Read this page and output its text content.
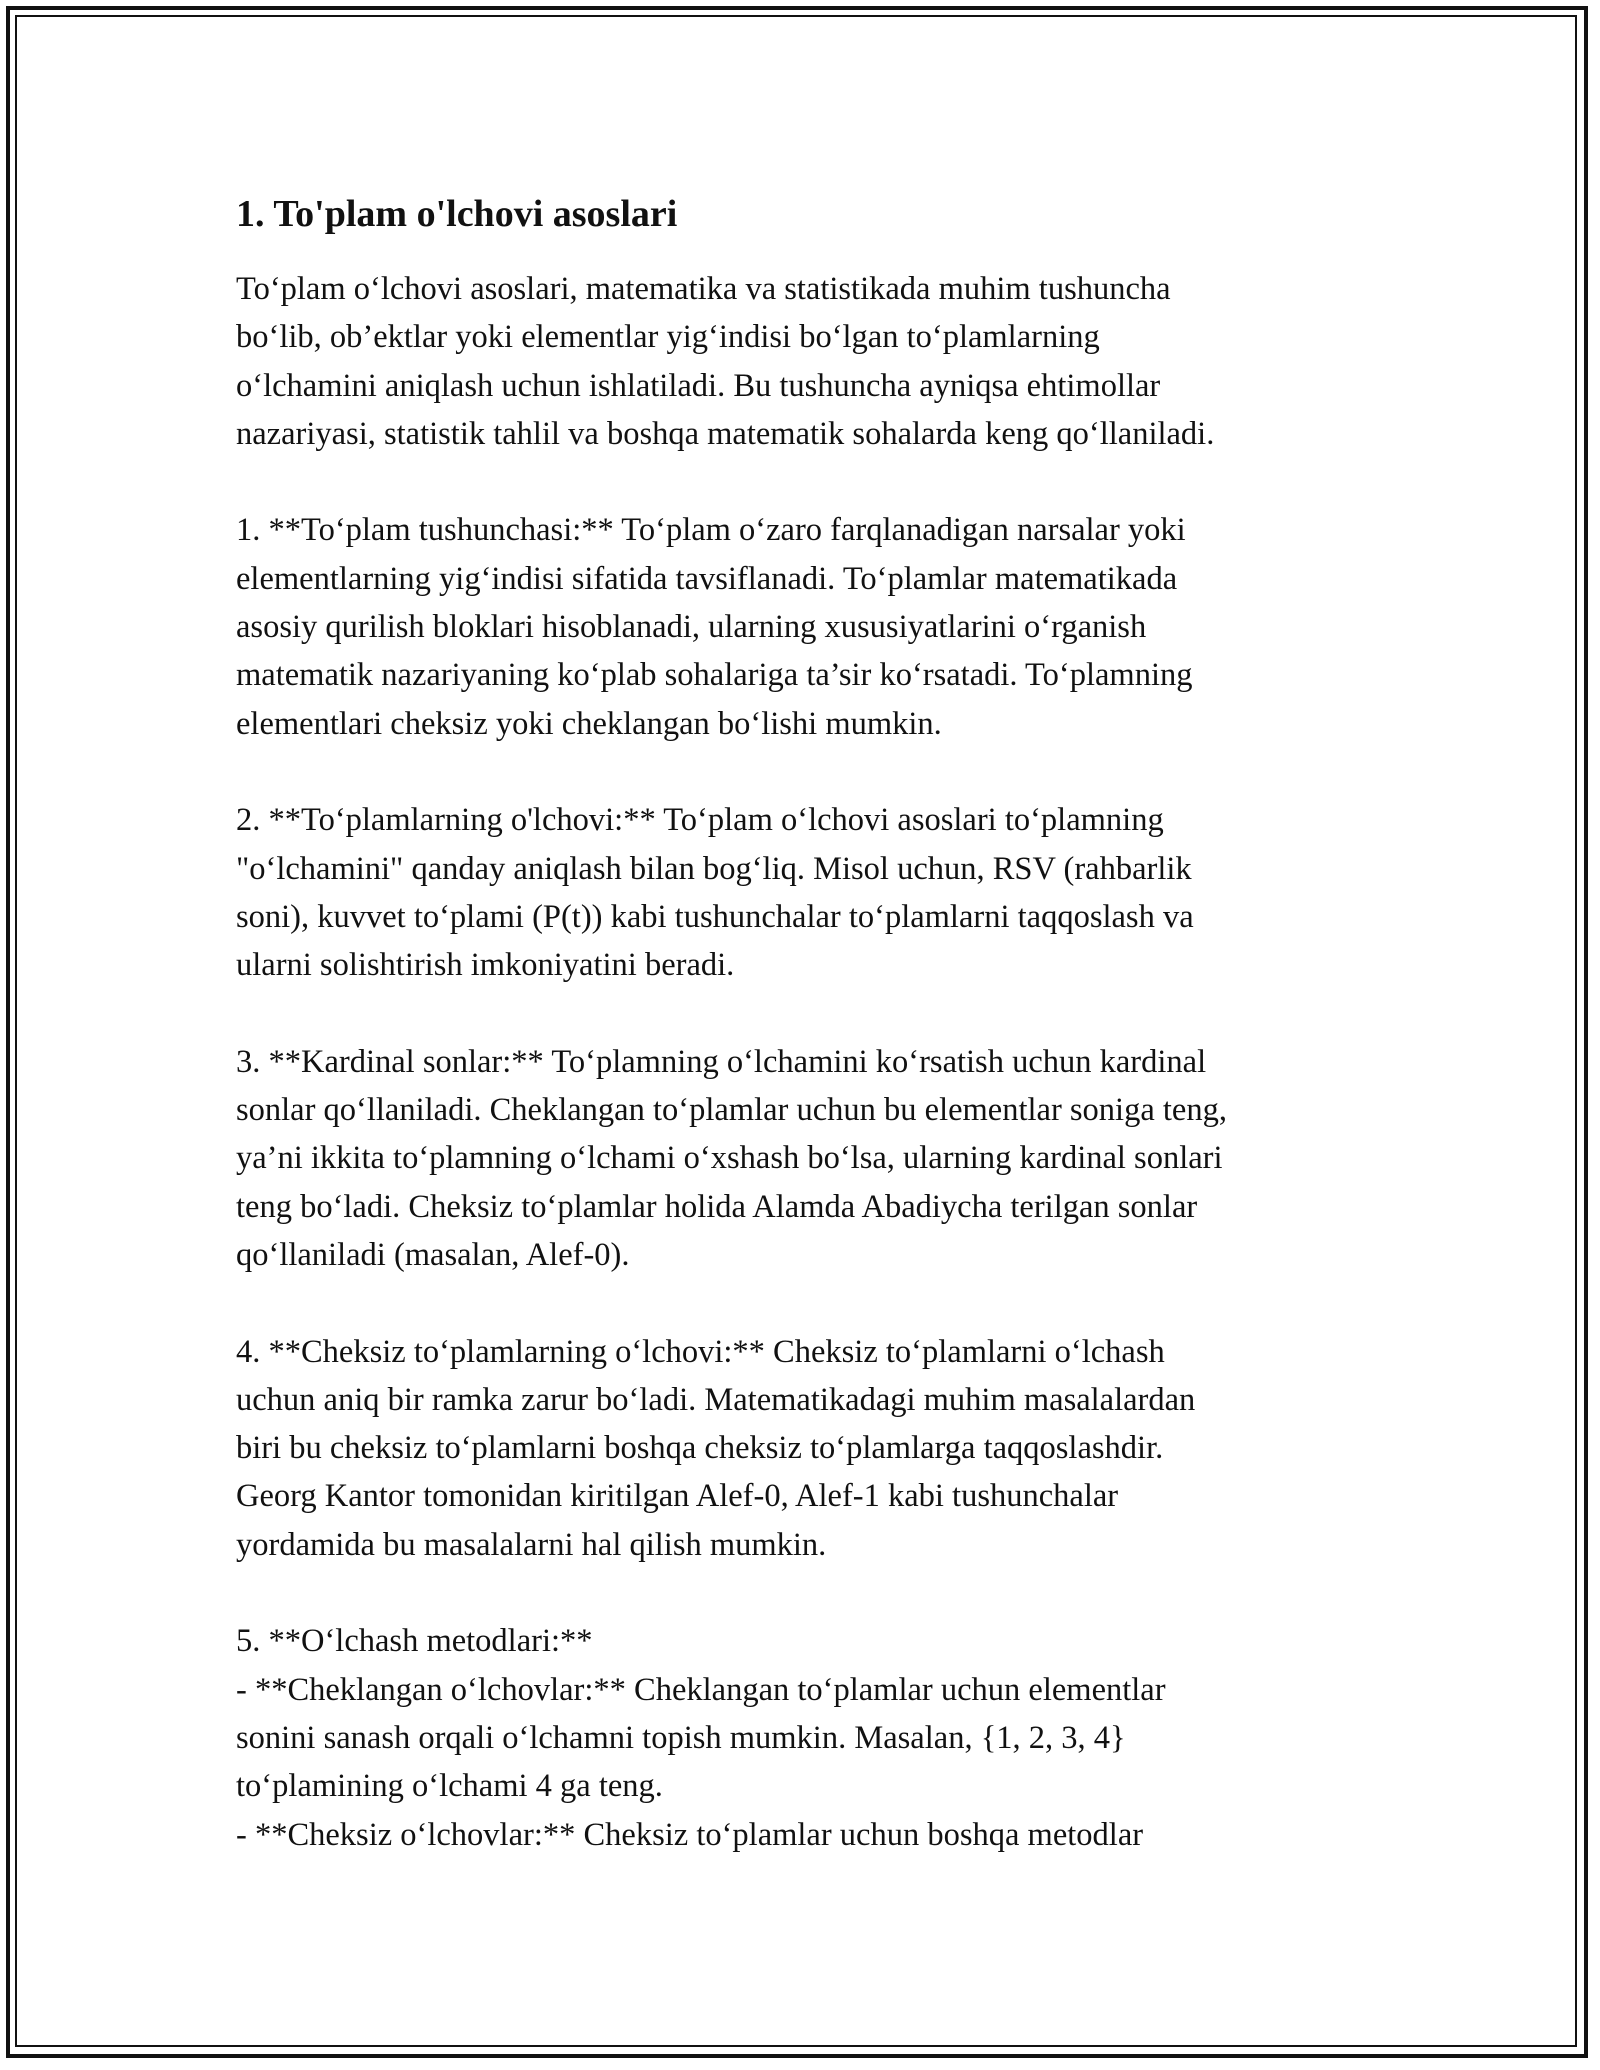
1. To'plam o'lchovi asoslari

To‘plam o‘lchovi asoslari, matematika va statistikada muhim tushuncha
bo‘lib, ob’ektlar yoki elementlar yig‘indisi bo‘lgan to‘plamlarning
o‘lchamini aniqlash uchun ishlatiladi. Bu tushuncha ayniqsa ehtimollar
nazariyasi, statistik tahlil va boshqa matematik sohalarda keng qo‘llaniladi.

1. **To‘plam tushunchasi:** To‘plam o‘zaro farqlanadigan narsalar yoki
elementlarning yig‘indisi sifatida tavsiflanadi. To‘plamlar matematikada
asosiy qurilish bloklari hisoblanadi, ularning xususiyatlarini o‘rganish
matematik nazariyaning ko‘plab sohalariga ta’sir ko‘rsatadi. To‘plamning
elementlari cheksiz yoki cheklangan bo‘lishi mumkin.

2. **To‘plamlarning o'lchovi:** To‘plam o‘lchovi asoslari to‘plamning
"o‘lchamini" qanday aniqlash bilan bog‘liq. Misol uchun, RSV (rahbarlik
soni), kuvvet to‘plami (P(t)) kabi tushunchalar to‘plamlarni taqqoslash va
ularni solishtirish imkoniyatini beradi.

3. **Kardinal sonlar:** To‘plamning o‘lchamini ko‘rsatish uchun kardinal
sonlar qo‘llaniladi. Cheklangan to‘plamlar uchun bu elementlar soniga teng,
ya’ni ikkita to‘plamning o‘lchami o‘xshash bo‘lsa, ularning kardinal sonlari
teng bo‘ladi. Cheksiz to‘plamlar holida Alamda Abadiycha terilgan sonlar
qo‘llaniladi (masalan, Alef-0).

4. **Cheksiz to‘plamlarning o‘lchovi:** Cheksiz to‘plamlarni o‘lchash
uchun aniq bir ramka zarur bo‘ladi. Matematikadagi muhim masalalardan
biri bu cheksiz to‘plamlarni boshqa cheksiz to‘plamlarga taqqoslashdir.
Georg Kantor tomonidan kiritilgan Alef-0, Alef-1 kabi tushunchalar
yordamida bu masalalarni hal qilish mumkin.

5. **O‘lchash metodlari:**
- **Cheklangan o‘lchovlar:** Cheklangan to‘plamlar uchun elementlar
sonini sanash orqali o‘lchamni topish mumkin. Masalan, {1, 2, 3, 4}
to‘plamining o‘lchami 4 ga teng.
- **Cheksiz o‘lchovlar:** Cheksiz to‘plamlar uchun boshqa metodlar
